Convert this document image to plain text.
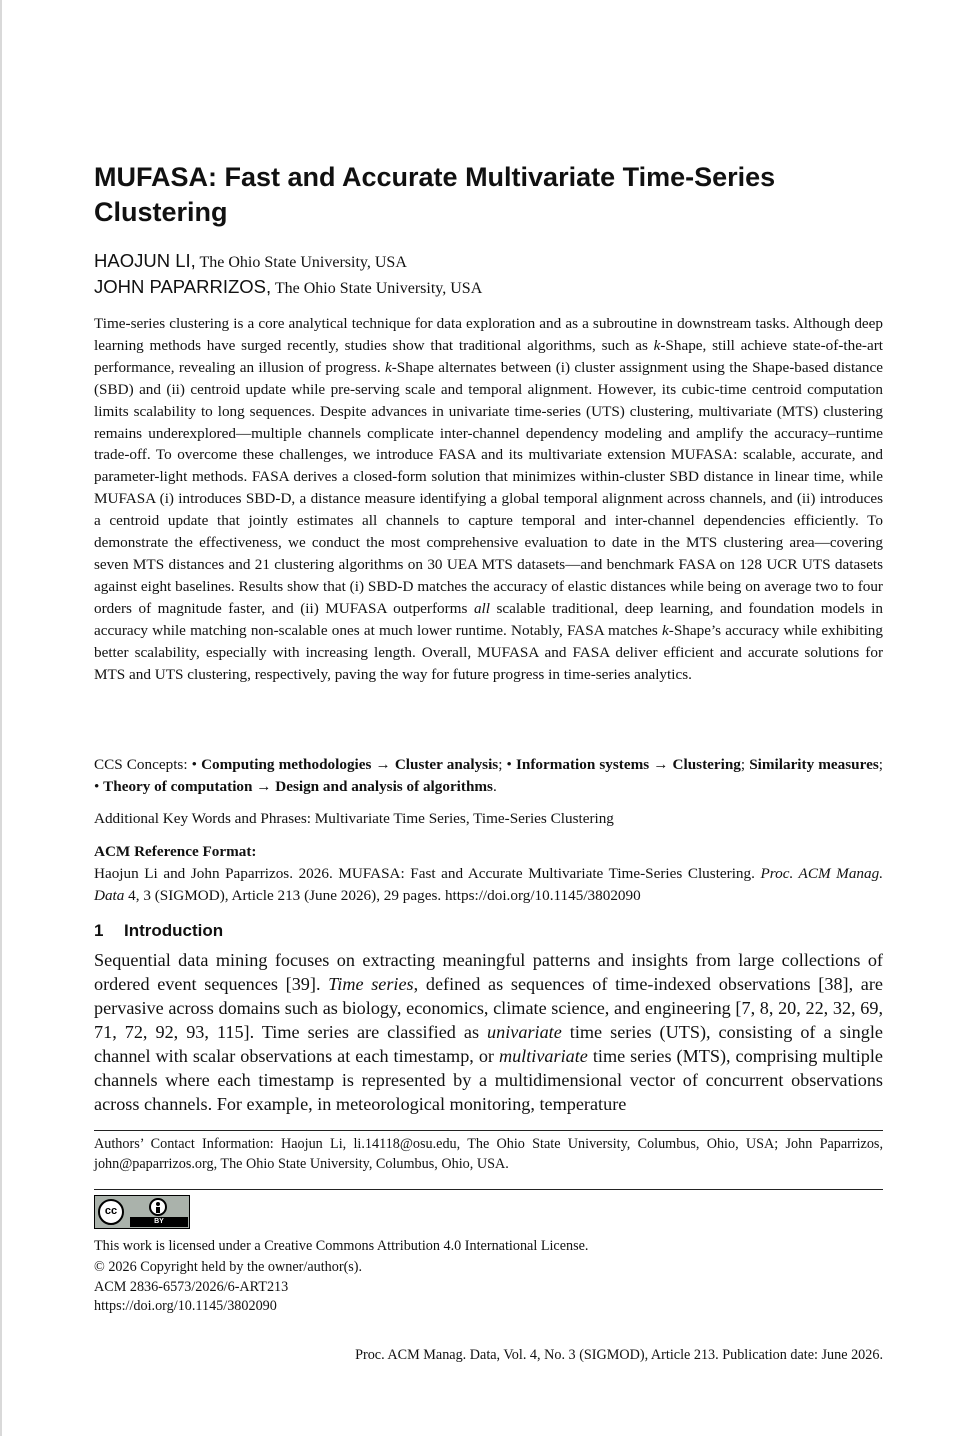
MUFASA: Fast and Accurate Multivariate Time-Series Clustering

HAOJUN LI, The Ohio State University, USA

JOHN PAPARRIZOS, The Ohio State University, USA

Time-series clustering is a core analytical technique for data exploration and as a subroutine in downstream tasks. Although deep learning methods have surged recently, studies show that traditional algorithms, such as k-Shape, still achieve state-of-the-art performance, revealing an illusion of progress. k-Shape alternates between (i) cluster assignment using the Shape-based distance (SBD) and (ii) centroid update while pre-serving scale and temporal alignment. However, its cubic-time centroid computation limits scalability to long sequences. Despite advances in univariate time-series (UTS) clustering, multivariate (MTS) clustering remains underexplored—multiple channels complicate inter-channel dependency modeling and amplify the accuracy–runtime trade-off. To overcome these challenges, we introduce FASA and its multivariate extension MUFASA: scalable, accurate, and parameter-light methods. FASA derives a closed-form solution that minimizes within-cluster SBD distance in linear time, while MUFASA (i) introduces SBD-D, a distance measure identifying a global temporal alignment across channels, and (ii) introduces a centroid update that jointly estimates all channels to capture temporal and inter-channel dependencies efficiently. To demonstrate the effectiveness, we conduct the most comprehensive evaluation to date in the MTS clustering area—covering seven MTS distances and 21 clustering algorithms on 30 UEA MTS datasets—and benchmark FASA on 128 UCR UTS datasets against eight baselines. Results show that (i) SBD-D matches the accuracy of elastic distances while being on average two to four orders of magnitude faster, and (ii) MUFASA outperforms all scalable traditional, deep learning, and foundation models in accuracy while matching non-scalable ones at much lower runtime. Notably, FASA matches k-Shape’s accuracy while exhibiting better scalability, especially with increasing length. Overall, MUFASA and FASA deliver efficient and accurate solutions for MTS and UTS clustering, respectively, paving the way for future progress in time-series analytics.

CCS Concepts: • Computing methodologies → Cluster analysis; • Information systems → Clustering; Similarity measures; • Theory of computation → Design and analysis of algorithms.

Additional Key Words and Phrases: Multivariate Time Series, Time-Series Clustering

ACM Reference Format:

Haojun Li and John Paparrizos. 2026. MUFASA: Fast and Accurate Multivariate Time-Series Clustering. Proc. ACM Manag. Data 4, 3 (SIGMOD), Article 213 (June 2026), 29 pages. https://doi.org/10.1145/3802090

1 Introduction

Sequential data mining focuses on extracting meaningful patterns and insights from large collections of ordered event sequences [39]. Time series, defined as sequences of time-indexed observations [38], are pervasive across domains such as biology, economics, climate science, and engineering [7, 8, 20, 22, 32, 69, 71, 72, 92, 93, 115]. Time series are classified as univariate time series (UTS), consisting of a single channel with scalar observations at each timestamp, or multivariate time series (MTS), comprising multiple channels where each timestamp is represented by a multidimensional vector of concurrent observations across channels. For example, in meteorological monitoring, temperature

Authors’ Contact Information: Haojun Li, li.14118@osu.edu, The Ohio State University, Columbus, Ohio, USA; John Paparrizos, john@paparrizos.org, The Ohio State University, Columbus, Ohio, USA.

cc
BY

This work is licensed under a Creative Commons Attribution 4.0 International License.

© 2026 Copyright held by the owner/author(s).

ACM 2836-6573/2026/6-ART213

https://doi.org/10.1145/3802090

Proc. ACM Manag. Data, Vol. 4, No. 3 (SIGMOD), Article 213. Publication date: June 2026.
